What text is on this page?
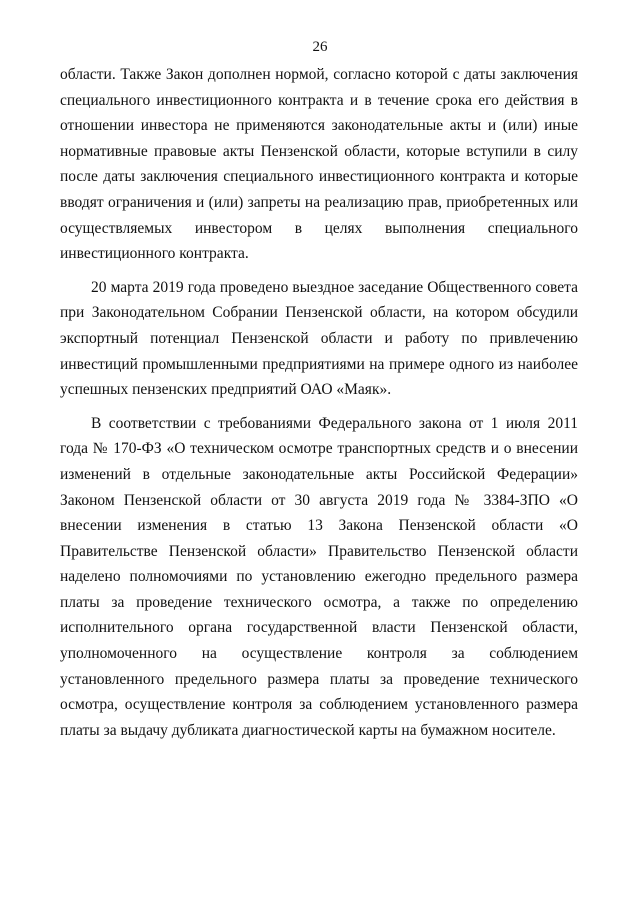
26

области. Также Закон дополнен нормой, согласно которой с даты заключения специального инвестиционного контракта и в течение срока его действия в отношении инвестора не применяются законодательные акты и (или) иные нормативные правовые акты Пензенской области, которые вступили в силу после даты заключения специального инвестиционного контракта и которые вводят ограничения и (или) запреты на реализацию прав, приобретенных или осуществляемых инвестором в целях выполнения специального инвестиционного контракта.

20 марта 2019 года проведено выездное заседание Общественного совета при Законодательном Собрании Пензенской области, на котором обсудили экспортный потенциал Пензенской области и работу по привлечению инвестиций промышленными предприятиями на примере одного из наиболее успешных пензенских предприятий ОАО «Маяк».

В соответствии с требованиями Федерального закона от 1 июля 2011 года № 170-ФЗ «О техническом осмотре транспортных средств и о внесении изменений в отдельные законодательные акты Российской Федерации» Законом Пензенской области от 30 августа 2019 года № 3384-ЗПО «О внесении изменения в статью 13 Закона Пензенской области «О Правительстве Пензенской области» Правительство Пензенской области наделено полномочиями по установлению ежегодно предельного размера платы за проведение технического осмотра, а также по определению исполнительного органа государственной власти Пензенской области, уполномоченного на осуществление контроля за соблюдением установленного предельного размера платы за проведение технического осмотра, осуществление контроля за соблюдением установленного размера платы за выдачу дубликата диагностической карты на бумажном носителе.
